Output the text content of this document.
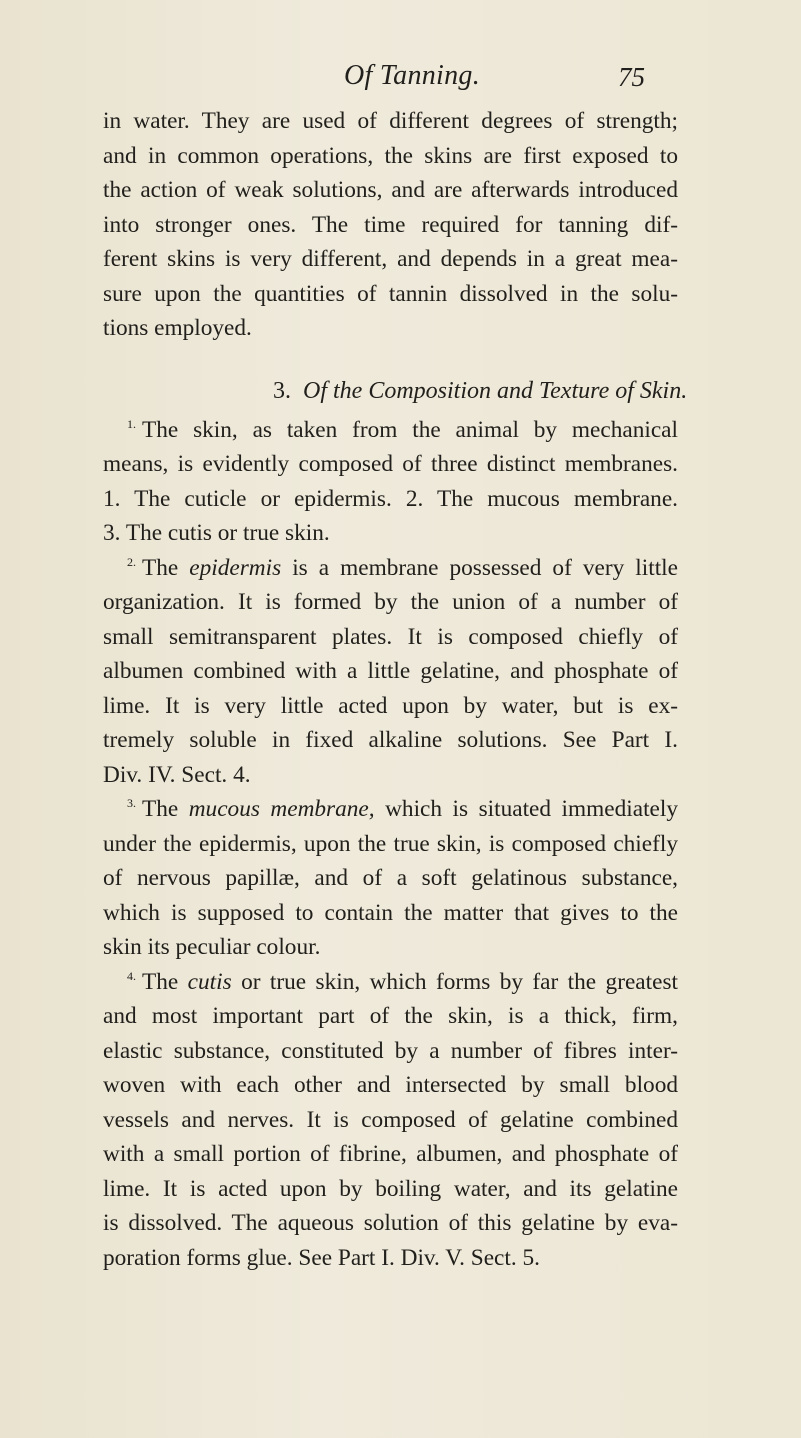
Of Tanning.	75
in water. They are used of different degrees of strength;
and in common operations, the skins are first exposed to
the action of weak solutions, and are afterwards introduced
into stronger ones. The time required for tanning dif-
ferent skins is very different, and depends in a great mea-
sure upon the quantities of tannin dissolved in the solu-
tions employed.
3. Of the Composition and Texture of Skin.
$^{1.}$ The skin, as taken from the animal by mechanical
means, is evidently composed of three distinct membranes.
1. The cuticle or epidermis. 2. The mucous membrane.
3. The cutis or true skin.
$^{2.}$ The epidermis is a membrane possessed of very little
organization. It is formed by the union of a number of
small semitransparent plates. It is composed chiefly of
albumen combined with a little gelatine, and phosphate of
lime. It is very little acted upon by water, but is ex-
tremely soluble in fixed alkaline solutions. See Part I.
Div. IV. Sect. 4.
$^{3.}$ The mucous membrane, which is situated immediately
under the epidermis, upon the true skin, is composed chiefly
of nervous papillæ, and of a soft gelatinous substance,
which is supposed to contain the matter that gives to the
skin its peculiar colour.
$^{4.}$ The cutis or true skin, which forms by far the greatest
and most important part of the skin, is a thick, firm,
elastic substance, constituted by a number of fibres inter-
woven with each other and intersected by small blood
vessels and nerves. It is composed of gelatine combined
with a small portion of fibrine, albumen, and phosphate of
lime. It is acted upon by boiling water, and its gelatine
is dissolved. The aqueous solution of this gelatine by eva-
poration forms glue. See Part I. Div. V. Sect. 5.
